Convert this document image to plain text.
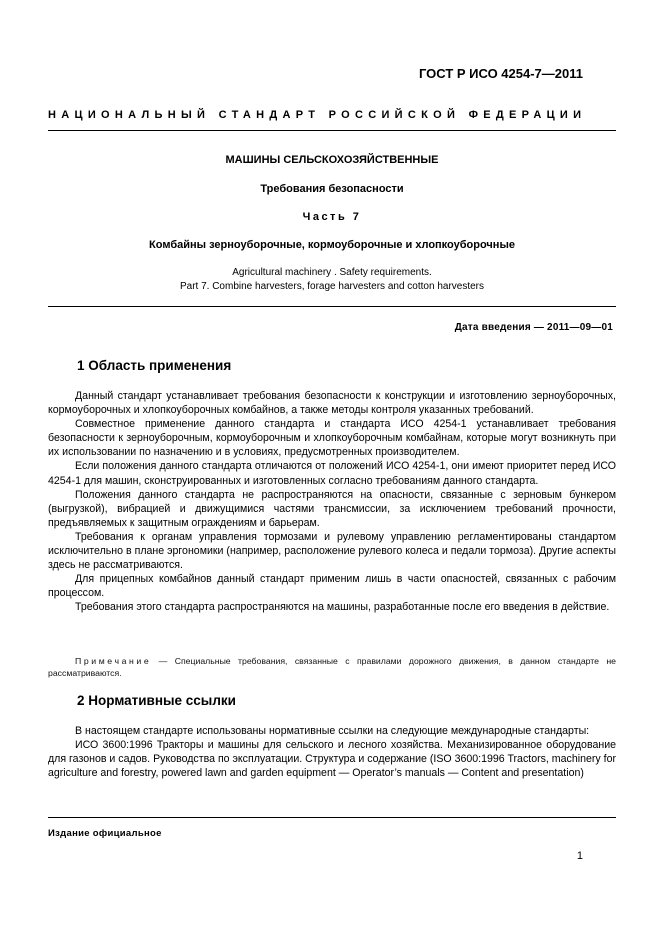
ГОСТ Р ИСО 4254-7—2011
НАЦИОНАЛЬНЫЙ СТАНДАРТ РОССИЙСКОЙ ФЕДЕРАЦИИ
МАШИНЫ СЕЛЬСКОХОЗЯЙСТВЕННЫЕ
Требования безопасности
Часть 7
Комбайны зерноуборочные, кормоуборочные и хлопкоуборочные
Agricultural machinery . Safety requirements.
Part 7. Combine harvesters, forage harvesters and cotton harvesters
Дата введения — 2011—09—01
1 Область применения

Данный стандарт устанавливает требования безопасности к конструкции и изготовлению зерноуборочных, кормоуборочных и хлопкоуборочных комбайнов, а также методы контроля указанных требований.

Совместное применение данного стандарта и стандарта ИСО 4254-1 устанавливает требования безопасности к зерноуборочным, кормоуборочным и хлопкоуборочным комбайнам, которые могут возникнуть при их использовании по назначению и в условиях, предусмотренных производителем.

Если положения данного стандарта отличаются от положений ИСО 4254-1, они имеют приоритет перед ИСО 4254-1 для машин, сконструированных и изготовленных согласно требованиям данного стандарта.

Положения данного стандарта не распространяются на опасности, связанные с зерновым бункером (выгрузкой), вибрацией и движущимися частями трансмиссии, за исключением требований прочности, предъявляемых к защитным ограждениям и барьерам.

Требования к органам управления тормозами и рулевому управлению регламентированы стандартом исключительно в плане эргономики (например, расположение рулевого колеса и педали тормоза). Другие аспекты здесь не рассматриваются.

Для прицепных комбайнов данный стандарт применим лишь в части опасностей, связанных с рабочим процессом.

Требования этого стандарта распространяются на машины, разработанные после его введения в действие.

Примечание — Специальные требования, связанные с правилами дорожного движения, в данном стандарте не рассматриваются.

2 Нормативные ссылки

В настоящем стандарте использованы нормативные ссылки на следующие международные стандарты:

ИСО 3600:1996 Тракторы и машины для сельского и лесного хозяйства. Механизированное оборудование для газонов и садов. Руководства по эксплуатации. Структура и содержание (ISO 3600:1996 Tractors, machinery for agriculture and forestry, powered lawn and garden equipment — Operator’s manuals — Content and presentation)

Издание официальное
1
